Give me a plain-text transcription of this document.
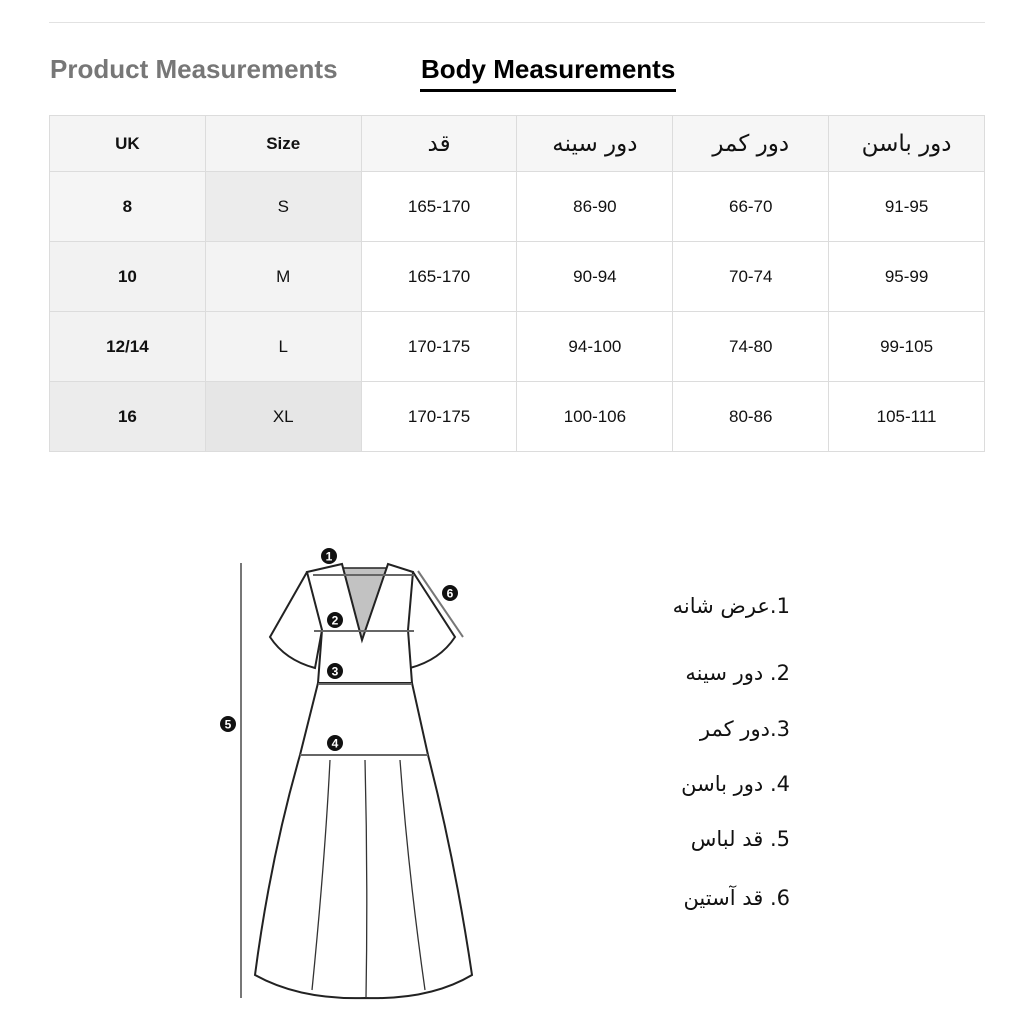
Product Measurements	Body Measurements
UK	Size	قد	دور سینه	دور کمر	دور باسن
8	S	165-170	86-90	66-70	91-95
10	M	165-170	90-94	70-74	95-99
12/14	L	170-175	94-100	74-80	99-105
16	XL	170-175	100-106	80-86	105-111
1
2
3
4
5
6
1.عرض شانه
2. دور سینه
3.دور کمر
4. دور باسن
5. قد لباس
6. قد آستین
